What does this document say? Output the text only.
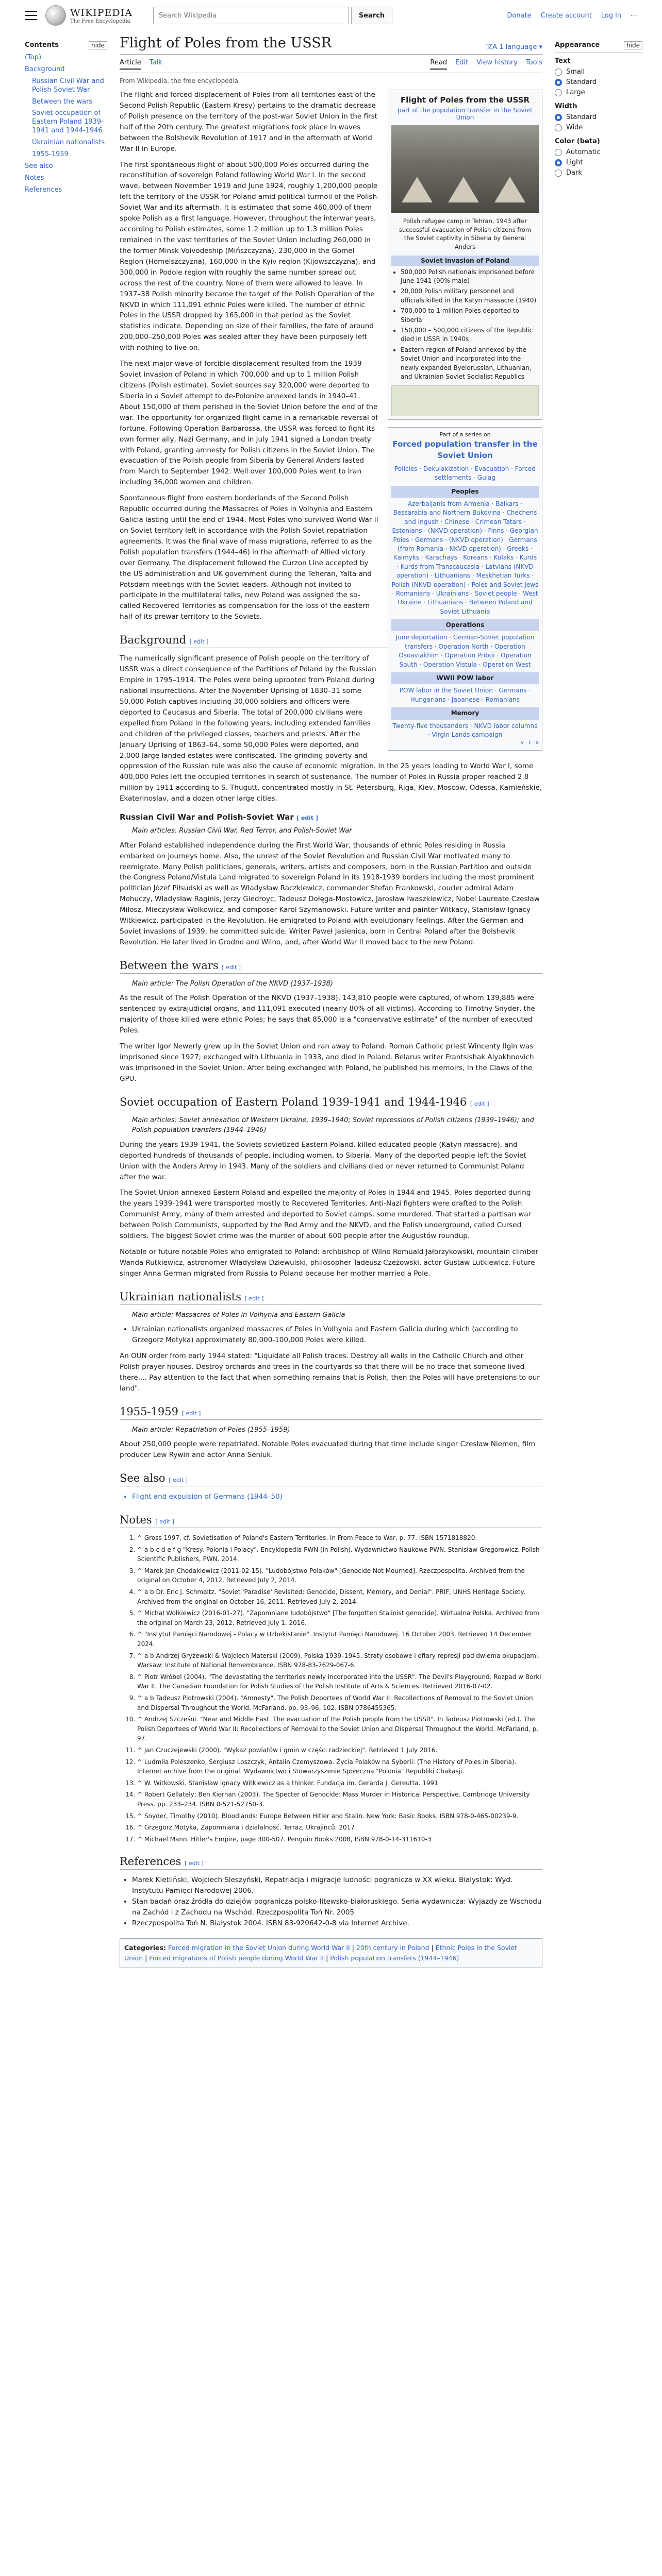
WIKIPEDIA
The Free Encyclopedia
Search Wikipedia	Search	Donate Create account Log in ⋯
Contents	hide
(Top)
Background
Russian Civil War and Polish-Soviet War
Between the wars
Soviet occupation of Eastern Poland 1939-1941 and 1944-1946
Ukrainian nationalists
1955-1959
See also
Notes
References
Appearance	hide
Text
Small
Standard
Large
Width
Standard
Wide
Color (beta)
Automatic
Light
Dark
Flight of Poles from the USSR	文A 1 language ▾
Article Talk	Read Edit View history Tools
From Wikipedia, the free encyclopedia
Flight of Poles from the USSR
part of the population transfer in the Soviet Union
Polish refugee camp in Tehran, 1943 after successful evacuation of Polish citizens from the Soviet captivity in Siberia by General Anders
Soviet invasion of Poland
• 500,000 Polish nationals imprisoned before June 1941 (90% male)
• 20,000 Polish military personnel and officials killed in the Katyn massacre (1940)
• 700,000 to 1 million Poles deported to Siberia
• 150,000 – 500,000 citizens of the Republic died in USSR in 1940s
• Eastern region of Poland annexed by the Soviet Union and incorporated into the newly expanded Byelorussian, Lithuanian, and Ukrainian Soviet Socialist Republics

The flight and forced displacement of Poles from all territories east of the Second Polish Republic (Eastern Kresy) pertains to the dramatic decrease of Polish presence on the territory of the post-war Soviet Union in the first half of the 20th century. The greatest migrations took place in waves between the Bolshevik Revolution of 1917 and in the aftermath of World War II in Europe.

The first spontaneous flight of about 500,000 Poles occurred during the reconstitution of sovereign Poland following World War I. In the second wave, between November 1919 and June 1924, roughly 1,200,000 people left the territory of the USSR for Poland amid political turmoil of the Polish-Soviet War and its aftermath. It is estimated that some 460,000 of them spoke Polish as a first language. However, throughout the interwar years, according to Polish estimates, some 1.2 million up to 1.3 million Poles remained in the vast territories of the Soviet Union including 260,000 in the former Minsk Voivodeship (Mińszczyzna), 230,000 in the Gomel Region (Homelszczyzna), 160,000 in the Kyiv region (Kijowszczyzna), and 300,000 in Podole region with roughly the same number spread out across the rest of the country. None of them were allowed to leave. In 1937–38 Polish minority became the target of the Polish Operation of the NKVD in which 111,091 ethnic Poles were killed. The number of ethnic Poles in the USSR dropped by 165,000 in that period as the Soviet statistics indicate. Depending on size of their families, the fate of around 200,000–250,000 Poles was sealed after they have been purposely left with nothing to live on.

Part of a series on
Forced population transfer in the Soviet Union
Policies · Dekulakization · Evacuation · Forced settlements · Gulag
Peoples
Azerbaijanis from Armenia · Balkars · Bessarabia and Northern Bukovina · Chechens and Ingush · Chinese · Crimean Tatars · Estonians · (NKVD operation) · Finns · Georgian Poles · Germans · (NKVD operation) · Germans (from Romania · NKVD operation) · Greeks · Kalmyks · Karachays · Koreans · Kulaks · Kurds · Kurds from Transcaucasia · Latvians (NKVD operation) · Lithuanians · Meskhetian Turks · Polish (NKVD operation) · Poles and Soviet Jews · Romanians · Ukrainians · Soviet people · West Ukraine · Lithuanians · Between Poland and Soviet Lithuania
Operations
June deportation · German-Soviet population transfers · Operation North · Operation Osoaviakhim · Operation Priboi · Operation South · Operation Vistula · Operation West
WWII POW labor
POW labor in the Soviet Union · Germans · Hungarians · Japanese · Romanians
Memory
Twenty-five thousanders · NKVD labor columns · Virgin Lands campaign
v · t · e

The next major wave of forcible displacement resulted from the 1939 Soviet invasion of Poland in which 700,000 and up to 1 million Polish citizens (Polish estimate). Soviet sources say 320,000 were deported to Siberia in a Soviet attempt to de-Polonize annexed lands in 1940–41. About 150,000 of them perished in the Soviet Union before the end of the war. The opportunity for organized flight came in a remarkable reversal of fortune. Following Operation Barbarossa, the USSR was forced to fight its own former ally, Nazi Germany, and in July 1941 signed a London treaty with Poland, granting amnesty for Polish citizens in the Soviet Union. The evacuation of the Polish people from Siberia by General Anders lasted from March to September 1942. Well over 100,000 Poles went to Iran including 36,000 women and children.

Spontaneous flight from eastern borderlands of the Second Polish Republic occurred during the Massacres of Poles in Volhynia and Eastern Galicia lasting until the end of 1944. Most Poles who survived World War II on Soviet territory left in accordance with the Polish-Soviet repatriation agreements. It was the final wave of mass migrations, referred to as the Polish population transfers (1944–46) in the aftermath of Allied victory over Germany. The displacement followed the Curzon Line accepted by the US administration and UK government during the Teheran, Yalta and Potsdam meetings with the Soviet leaders. Although not invited to participate in the multilateral talks, new Poland was assigned the so-called Recovered Territories as compensation for the loss of the eastern half of its prewar territory to the Soviets.

Background [ edit ]

The numerically significant presence of Polish people on the territory of USSR was a direct consequence of the Partitions of Poland by the Russian Empire in 1795–1914. The Poles were being uprooted from Poland during national insurrections. After the November Uprising of 1830–31 some 50,000 Polish captives including 30,000 soldiers and officers were deported to Caucasus and Siberia. The total of 200,000 civilians were expelled from Poland in the following years, including extended families and children of the privileged classes, teachers and priests. After the January Uprising of 1863–64, some 50,000 Poles were deported, and 2,000 large landed estates were confiscated. The grinding poverty and oppression of the Russian rule was also the cause of economic migration. In the 25 years leading to World War I, some 400,000 Poles left the occupied territories in search of sustenance. The number of Poles in Russia proper reached 2.8 million by 1911 according to S. Thugutt, concentrated mostly in St. Petersburg, Riga, Kiev, Moscow, Odessa, Kamieńskie, Ekaterinoslav, and a dozen other large cities.

Russian Civil War and Polish-Soviet War [ edit ]
Main articles: Russian Civil War, Red Terror, and Polish-Soviet War

After Poland established independence during the First World War, thousands of ethnic Poles residing in Russia embarked on journeys home. Also, the unrest of the Soviet Revolution and Russian Civil War motivated many to reemigrate. Many Polish politicians, generals, writers, artists and composers, born in the Russian Partition and outside the Congress Poland/Vistula Land migrated to sovereign Poland in its 1918-1939 borders including the most prominent politician Józef Piłsudski as well as Władysław Raczkiewicz, commander Stefan Frankowski, courier admiral Adam Mohuczy, Władysław Raginis, Jerzy Giedroyc, Tadeusz Dołęga-Mostowicz, Jarosław Iwaszkiewicz, Nobel Laureate Czesław Miłosz, Mieczysław Wolkowicz, and composer Karol Szymanowski. Future writer and painter Witkacy, Stanisław Ignacy Witkiewicz, participated in the Revolution. He emigrated to Poland with evolutionary feelings. After the German and Soviet invasions of 1939, he committed suicide. Writer Paweł Jasienica, born in Central Poland after the Bolshevik Revolution. He later lived in Grodno and Wilno, and, after World War II moved back to the new Poland.

Between the wars [ edit ]
Main article: The Polish Operation of the NKVD (1937–1938)

As the result of The Polish Operation of the NKVD (1937–1938), 143,810 people were captured, of whom 139,885 were sentenced by extrajudicial organs, and 111,091 executed (nearly 80% of all victims). According to Timothy Snyder, the majority of those killed were ethnic Poles; he says that 85,000 is a "conservative estimate" of the number of executed Poles.

The writer Igor Newerly grew up in the Soviet Union and ran away to Poland. Roman Catholic priest Wincenty Ilgin was imprisoned since 1927; exchanged with Lithuania in 1933, and died in Poland. Belarus writer Frantsishak Alyakhnovich was imprisoned in the Soviet Union. After being exchanged with Poland, he published his memoirs, In the Claws of the GPU.

Soviet occupation of Eastern Poland 1939-1941 and 1944-1946 [ edit ]
Main articles: Soviet annexation of Western Ukraine, 1939–1940; Soviet repressions of Polish citizens (1939–1946); and Polish population transfers (1944–1946)

During the years 1939-1941, the Soviets sovietized Eastern Poland, killed educated people (Katyn massacre), and deported hundreds of thousands of people, including women, to Siberia. Many of the deported people left the Soviet Union with the Anders Army in 1943. Many of the soldiers and civilians died or never returned to Communist Poland after the war.

The Soviet Union annexed Eastern Poland and expelled the majority of Poles in 1944 and 1945. Poles deported during the years 1939-1941 were transported mostly to Recovered Territories. Anti-Nazi fighters were drafted to the Polish Communist Army, many of them arrested and deported to Soviet camps, some murdered. That started a partisan war between Polish Communists, supported by the Red Army and the NKVD, and the Polish underground, called Cursed soldiers. The biggest Soviet crime was the murder of about 600 people after the Augustów roundup.

Notable or future notable Poles who emigrated to Poland: archbishop of Wilno Romuald Jałbrzykowski, mountain climber Wanda Rutkiewicz, astronomer Władysław Dziewulski, philosopher Tadeusz Czeżowski, actor Gustaw Lutkiewicz. Future singer Anna German migrated from Russia to Poland because her mother married a Pole.

Ukrainian nationalists [ edit ]
Main article: Massacres of Poles in Volhynia and Eastern Galicia
• Ukrainian nationalists organized massacres of Poles in Volhynia and Eastern Galicia during which (according to Grzegorz Motyka) approximately 80,000-100,000 Poles were killed.

An OUN order from early 1944 stated: "Liquidate all Polish traces. Destroy all walls in the Catholic Church and other Polish prayer houses. Destroy orchards and trees in the courtyards so that there will be no trace that someone lived there.... Pay attention to the fact that when something remains that is Polish, then the Poles will have pretensions to our land".

1955-1959 [ edit ]
Main article: Repatriation of Poles (1955–1959)

About 250,000 people were repatriated. Notable Poles evacuated during that time include singer Czesław Niemen, film producer Lew Rywin and actor Anna Seniuk.

See also [ edit ]
• Flight and expulsion of Germans (1944–50)
Notes [ edit ]
1. ^ Gross 1997, cf. Sovietisation of Poland's Eastern Territories. In From Peace to War, p. 77. ISBN 1571818820.
2. ^ a b c d e f g "Kresy. Polonia i Polacy". Encyklopedia PWN (in Polish). Wydawnictwo Naukowe PWN. Stanisław Gregorowicz. Polish Scientific Publishers, PWN. 2014.
3. ^ Marek Jan Chodakiewicz (2011-02-15). "Ludobójstwo Polaków" [Genocide Not Mourned]. Rzeczpospolita. Archived from the original on October 4, 2012. Retrieved July 2, 2014.
4. ^ a b Dr. Eric J. Schmaltz. "Soviet 'Paradise' Revisited: Genocide, Dissent, Memory, and Denial". PRIF, UNHS Heritage Society. Archived from the original on October 16, 2011. Retrieved July 2, 2014.
5. ^ Michał Wołkiewicz (2016-01-27). "Zapomniane ludobójstwo" [The forgotten Stalinist genocide]. Wirtualna Polska. Archived from the original on March 23, 2012. Retrieved July 1, 2016.
6. ^ "Instytut Pamięci Narodowej - Polacy w Uzbekistanie". Instytut Pamięci Narodowej. 16 October 2003. Retrieved 14 December 2024.
7. ^ a b Andrzej Gryżewski & Wojciech Materski (2009). Polska 1939–1945. Straty osobowe i ofiary represji pod dwiema okupacjami. Warsaw: Institute of National Remembrance. ISBN 978-83-7629-067-6.
8. ^ Piotr Wróbel (2004). "The devastating the territories newly incorporated into the USSR". The Devil's Playground. Rozpad w Borki War II. The Canadian Foundation for Polish Studies of the Polish Institute of Arts & Sciences. Retrieved 2016-07-02.
9. ^ a b Tadeusz Piotrowski (2004). "Amnesty". The Polish Deportees of World War II: Recollections of Removal to the Soviet Union and Dispersal Throughout the World. McFarland. pp. 93–96, 102. ISBN 0786455365.
10. ^ Andrzej Szcześni. "Near and Middle East. The evacuation of the Polish people from the USSR". In Tadeusz Piotrowski (ed.). The Polish Deportees of World War II: Recollections of Removal to the Soviet Union and Dispersal Throughout the World. McFarland, p. 97.
11. ^ Jan Czuczejewski (2000). "Wykaz powiatów i gmin w części radzieckiej". Retrieved 1 July 2016.
12. ^ Ludmiła Poleszenko, Sergiusz Loszczyk, Antalin Czemyszowa. Życia Polaków na Syberii: (The History of Poles in Siberia). Internet archive from the original. Wydawnictwo i Stowarzyszenie Społeczna "Polonia" Republiki Chakasji.
13. ^ W. Witkowski. Stanisław Ignacy Witkiewicz as a thinker. Fundacja im. Gerarda J. Gereutta. 1991
14. ^ Robert Gellately; Ben Kiernan (2003). The Specter of Genocide: Mass Murder in Historical Perspective. Cambridge University Press. pp. 233–234. ISBN 0-521-52750-3.
15. ^ Snyder, Timothy (2010). Bloodlands: Europe Between Hitler and Stalin. New York: Basic Books. ISBN 978-0-465-00239-9.
16. ^ Grzegorz Motyka, Zapomniana i działalność. Terraz, Ukrajinců. 2017
17. ^ Michael Mann. Hitler's Empire, page 300-507. Penguin Books 2008, ISBN 978-0-14-311610-3
References [ edit ]
• Marek Kietliński, Wojciech Śleszyński, Repatriacja i migracje ludności pogranicza w XX wieku. Bialystok: Wyd. Instytutu Pamięci Narodowej 2006.
• Stan badań oraz źródła do dziejów pogranicza polsko-litewsko-białoruskiego. Seria wydawnicza: Wyjazdy ze Wschodu na Zachód i z Zachodu na Wschód. Rzeczpospolita Toń Nr. 2005
• Rzeczpospolita Toń N. Białystok 2004. ISBN 83-920642-0-8 via Internet Archive.
Categories: Forced migration in the Soviet Union during World War II | 20th century in Poland | Ethnic Poles in the Soviet Union | Forced migrations of Polish people during World War II | Polish population transfers (1944–1946)
